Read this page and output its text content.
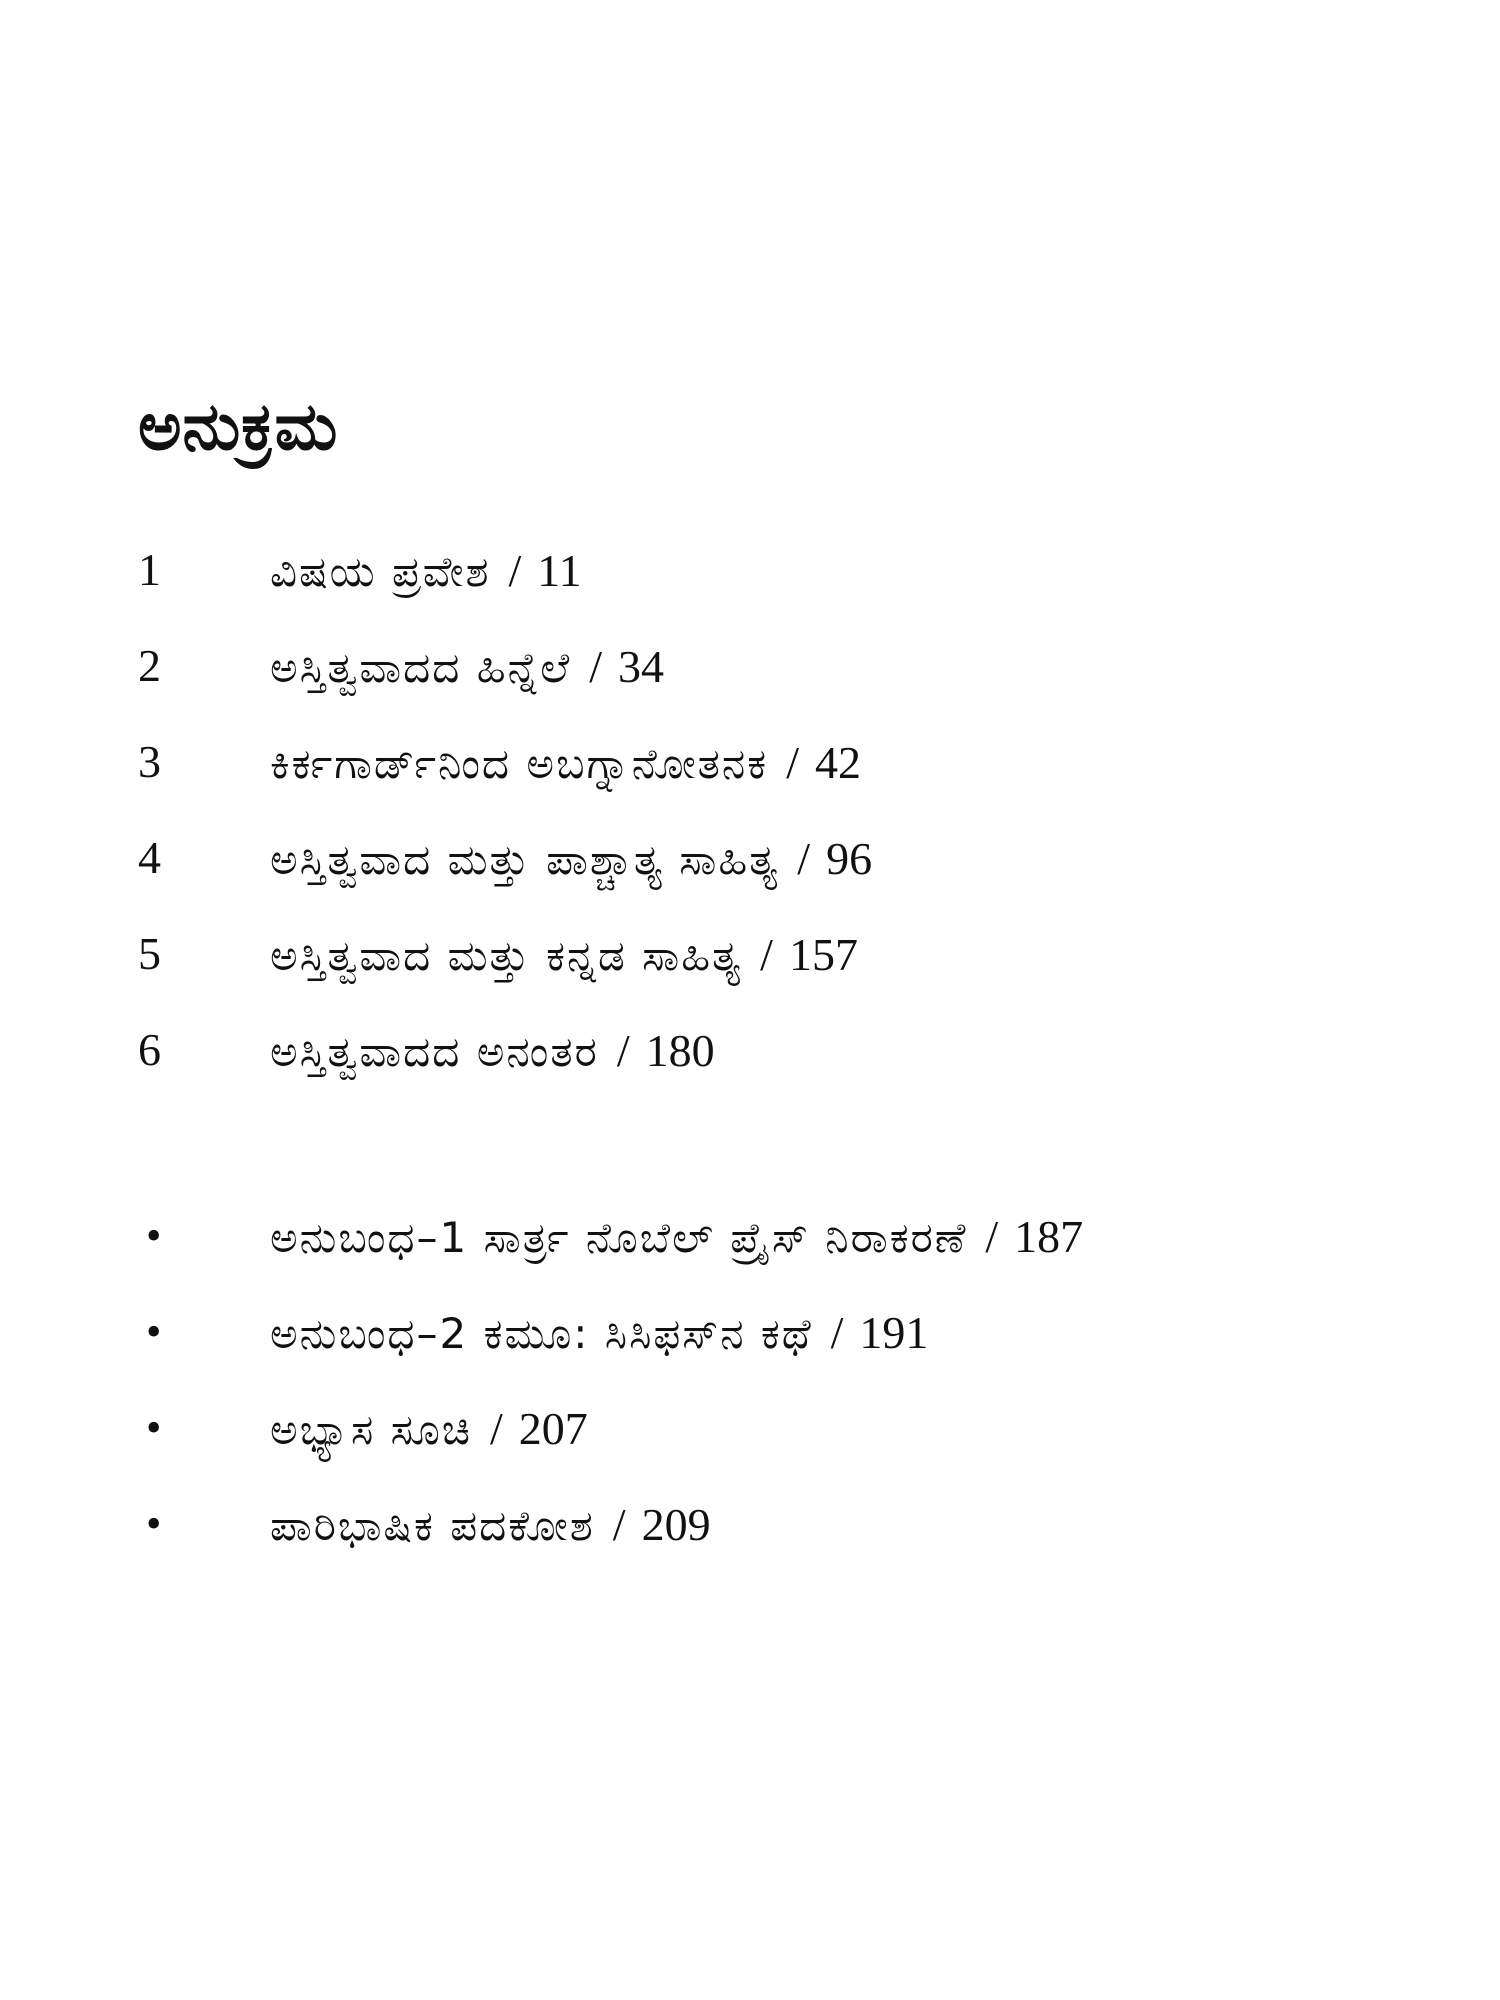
ಅನುಕ್ರಮ
1	ವಿಷಯ ಪ್ರವೇಶ / 11
2	ಅಸ್ತಿತ್ವವಾದದ ಹಿನ್ನೆಲೆ / 34
3	ಕಿರ್ಕಗಾರ್ಡ್‌ನಿಂದ ಅಬಗ್ನಾನೋತನಕ / 42
4	ಅಸ್ತಿತ್ವವಾದ ಮತ್ತು ಪಾಶ್ಚಾತ್ಯ ಸಾಹಿತ್ಯ / 96
5	ಅಸ್ತಿತ್ವವಾದ ಮತ್ತು ಕನ್ನಡ ಸಾಹಿತ್ಯ / 157
6	ಅಸ್ತಿತ್ವವಾದದ ಅನಂತರ / 180
•	ಅನುಬಂಧ–1 ಸಾರ್ತ್ರ ನೊಬೆಲ್ ಪ್ರೈಸ್ ನಿರಾಕರಣೆ / 187
•	ಅನುಬಂಧ–2 ಕಮೂ: ಸಿಸಿಫಸ್‌ನ ಕಥೆ / 191
•	ಅಭ್ಯಾಸ ಸೂಚಿ / 207
•	ಪಾರಿಭಾಷಿಕ ಪದಕೋಶ / 209
